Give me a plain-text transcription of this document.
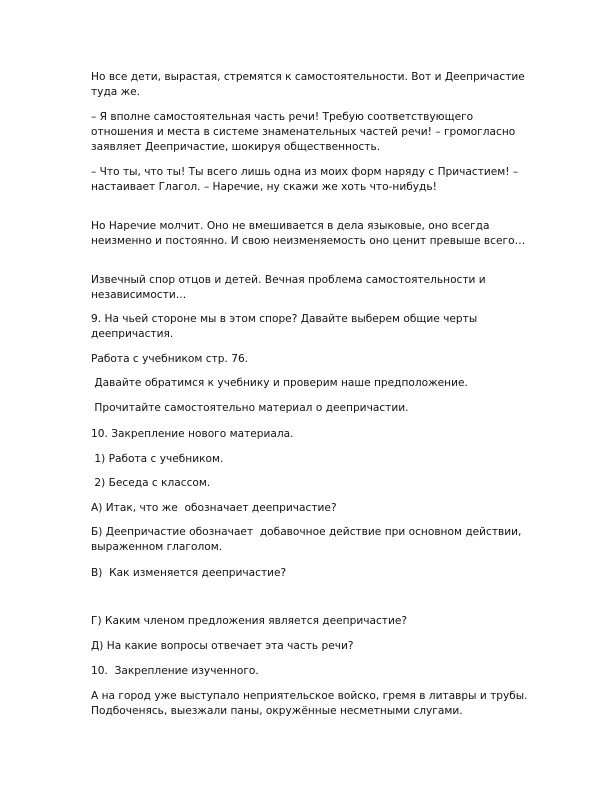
Но все дети, вырастая, стремятся к самостоятельности. Вот и Деепричастие туда же.

– Я вполне самостоятельная часть речи! Требую соответствующего отношения и места в системе знаменательных частей речи! – громогласно заявляет Деепричастие, шокируя общественность.

– Что ты, что ты! Ты всего лишь одна из моих форм наряду с Причастием! – настаивает Глагол. – Наречие, ну скажи же хоть что-нибудь!

Но Наречие молчит. Оно не вмешивается в дела языковые, оно всегда неизменно и постоянно. И свою неизменяемость оно ценит превыше всего…

Извечный спор отцов и детей. Вечная проблема самостоятельности и независимости…

9. На чьей стороне мы в этом споре? Давайте выберем общие черты деепричастия.

Работа с учебником стр. 76.

Давайте обратимся к учебнику и проверим наше предположение.

Прочитайте самостоятельно материал о деепричастии.

10. Закрепление нового материала.

1) Работа с учебником.

2) Беседа с классом.

А) Итак, что же  обозначает деепричастие?

Б) Деепричастие обозначает  добавочное действие при основном действии, выраженном глаголом.

В)  Как изменяется деепричастие?

Г) Каким членом предложения является деепричастие?

Д) На какие вопросы отвечает эта часть речи?

10.  Закрепление изученного.

А на город уже выступало неприятельское войско, гремя в литавры и трубы.  Подбоченясь, выезжали паны, окружённые несметными слугами.
